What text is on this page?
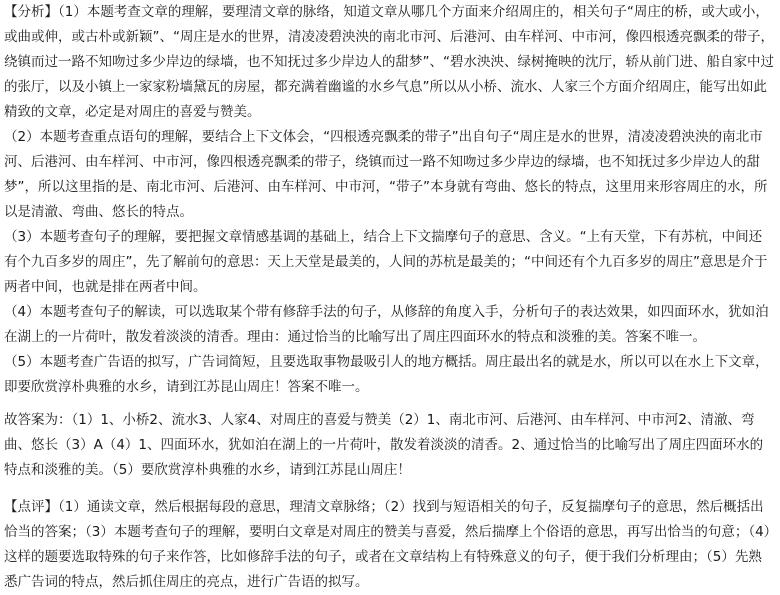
【分析】（1）本题考查文章的理解，要理清文章的脉络，知道文章从哪几个方面来介绍周庄的，相关句子“周庄的桥，或大或小，或曲或伸，或古朴或新颖”、“周庄是水的世界，清凌凌碧泱泱的南北市河、后港河、由车样河、中市河，像四根透亮飘柔的带子，绕镇而过一路不知吻过多少岸边的绿墙，也不知抚过多少岸边人的甜梦”、“碧水泱泱、绿树掩映的沈厅，轿从前门进、船自家中过的张厅，以及小镇上一家家粉墙黛瓦的房屋，都充满着幽谧的水乡气息”所以从小桥、流水、人家三个方面介绍周庄，能写出如此精致的文章，必定是对周庄的喜爱与赞美。

（2）本题考查重点语句的理解，要结合上下文体会，“四根透亮飘柔的带子”出自句子“周庄是水的世界，清凌凌碧泱泱的南北市河、后港河、由车样河、中市河，像四根透亮飘柔的带子，绕镇而过一路不知吻过多少岸边的绿墙，也不知抚过多少岸边人的甜梦”，所以这里指的是、南北市河、后港河、由车样河、中市河，“带子”本身就有弯曲、悠长的特点，这里用来形容周庄的水，所以是清澈、弯曲、悠长的特点。

（3）本题考查句子的理解，要把握文章情感基调的基础上，结合上下文揣摩句子的意思、含义。“上有天堂，下有苏杭，中间还有个九百多岁的周庄”，先了解前句的意思：天上天堂是最美的，人间的苏杭是最美的；“中间还有个九百多岁的周庄”意思是介于两者中间，也就是排在两者中间。

（4）本题考查句子的解读，可以选取某个带有修辞手法的句子，从修辞的角度入手，分析句子的表达效果，如四面环水，犹如泊在湖上的一片荷叶，散发着淡淡的清香。理由：通过恰当的比喻写出了周庄四面环水的特点和淡雅的美。答案不唯一。

（5）本题考查广告语的拟写，广告词简短，且要选取事物最吸引人的地方概括。周庄最出名的就是水，所以可以在水上下文章，即要欣赏淳朴典雅的水乡，请到江苏昆山周庄！答案不唯一。

故答案为：（1）1、小桥2、流水3、人家4、对周庄的喜爱与赞美（2）1、南北市河、后港河、由车样河、中市河2、清澈、弯曲、悠长（3）A（4）1、四面环水，犹如泊在湖上的一片荷叶，散发着淡淡的清香。2、通过恰当的比喻写出了周庄四面环水的特点和淡雅的美。（5）要欣赏淳朴典雅的水乡，请到江苏昆山周庄！

【点评】（1）通读文章，然后根据每段的意思，理清文章脉络；（2）找到与短语相关的句子，反复揣摩句子的意思，然后概括出恰当的答案；（3）本题考查句子的理解，要明白文章是对周庄的赞美与喜爱，然后揣摩上个俗语的意思，再写出恰当的句意；（4）这样的题要选取特殊的句子来作答，比如修辞手法的句子，或者在文章结构上有特殊意义的句子，便于我们分析理由；（5）先熟悉广告词的特点，然后抓住周庄的亮点，进行广告语的拟写。
